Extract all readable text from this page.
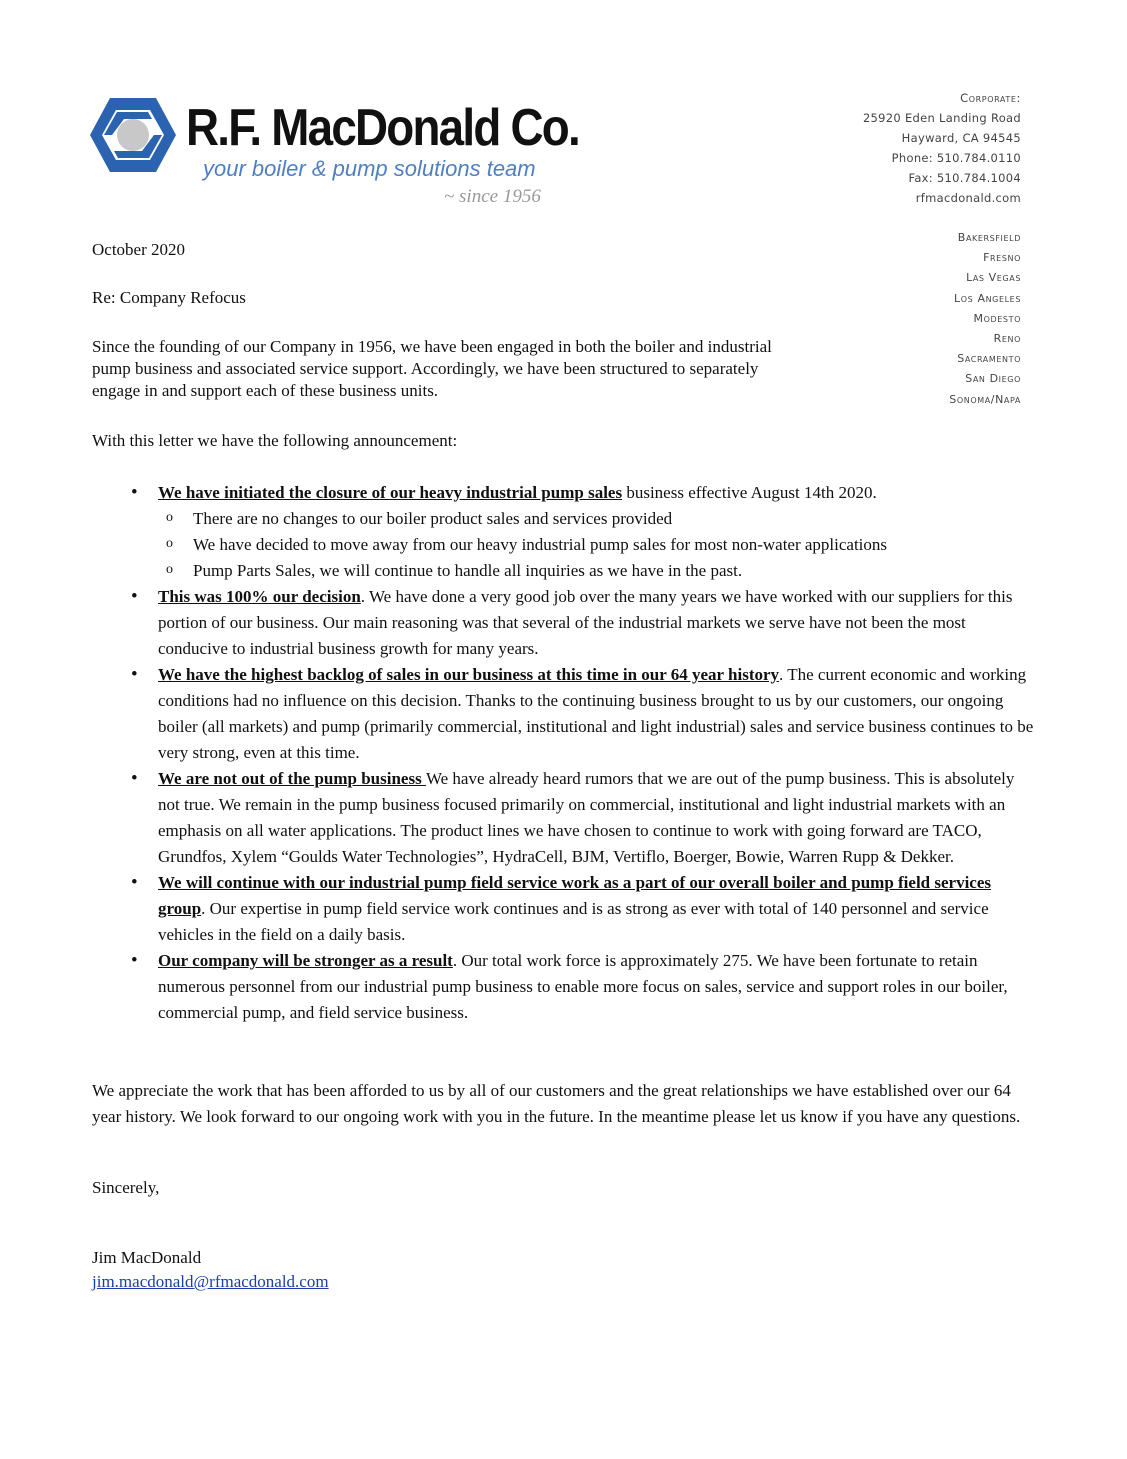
R.F. MacDonald Co.
your boiler & pump solutions team
~ since 1956
Corporate:
25920 Eden Landing Road
Hayward, CA 94545
Phone: 510.784.0110
Fax: 510.784.1004
rfmacdonald.com
Bakersfield
Fresno
Las Vegas
Los Angeles
Modesto
Reno
Sacramento
San Diego
Sonoma/Napa
October 2020
Re: Company Refocus
Since the founding of our Company in 1956, we have been engaged in both the boiler and industrial pump business and associated service support. Accordingly, we have been structured to separately engage in and support each of these business units.
With this letter we have the following announcement:
• We have initiated the closure of our heavy industrial pump sales business effective August 14th 2020.
o There are no changes to our boiler product sales and services provided
o We have decided to move away from our heavy industrial pump sales for most non-water applications
o Pump Parts Sales, we will continue to handle all inquiries as we have in the past.
• This was 100% our decision. We have done a very good job over the many years we have worked with our suppliers for this portion of our business. Our main reasoning was that several of the industrial markets we serve have not been the most conducive to industrial business growth for many years.
• We have the highest backlog of sales in our business at this time in our 64 year history. The current economic and working conditions had no influence on this decision. Thanks to the continuing business brought to us by our customers, our ongoing boiler (all markets) and pump (primarily commercial, institutional and light industrial) sales and service business continues to be very strong, even at this time.
• We are not out of the pump business We have already heard rumors that we are out of the pump business. This is absolutely not true. We remain in the pump business focused primarily on commercial, institutional and light industrial markets with an emphasis on all water applications. The product lines we have chosen to continue to work with going forward are TACO, Grundfos, Xylem “Goulds Water Technologies”, HydraCell, BJM, Vertiflo, Boerger, Bowie, Warren Rupp & Dekker.
• We will continue with our industrial pump field service work as a part of our overall boiler and pump field services group. Our expertise in pump field service work continues and is as strong as ever with total of 140 personnel and service vehicles in the field on a daily basis.
• Our company will be stronger as a result. Our total work force is approximately 275. We have been fortunate to retain numerous personnel from our industrial pump business to enable more focus on sales, service and support roles in our boiler, commercial pump, and field service business.
We appreciate the work that has been afforded to us by all of our customers and the great relationships we have established over our 64 year history. We look forward to our ongoing work with you in the future. In the meantime please let us know if you have any questions.
Sincerely,
Jim MacDonald
jim.macdonald@rfmacdonald.com
